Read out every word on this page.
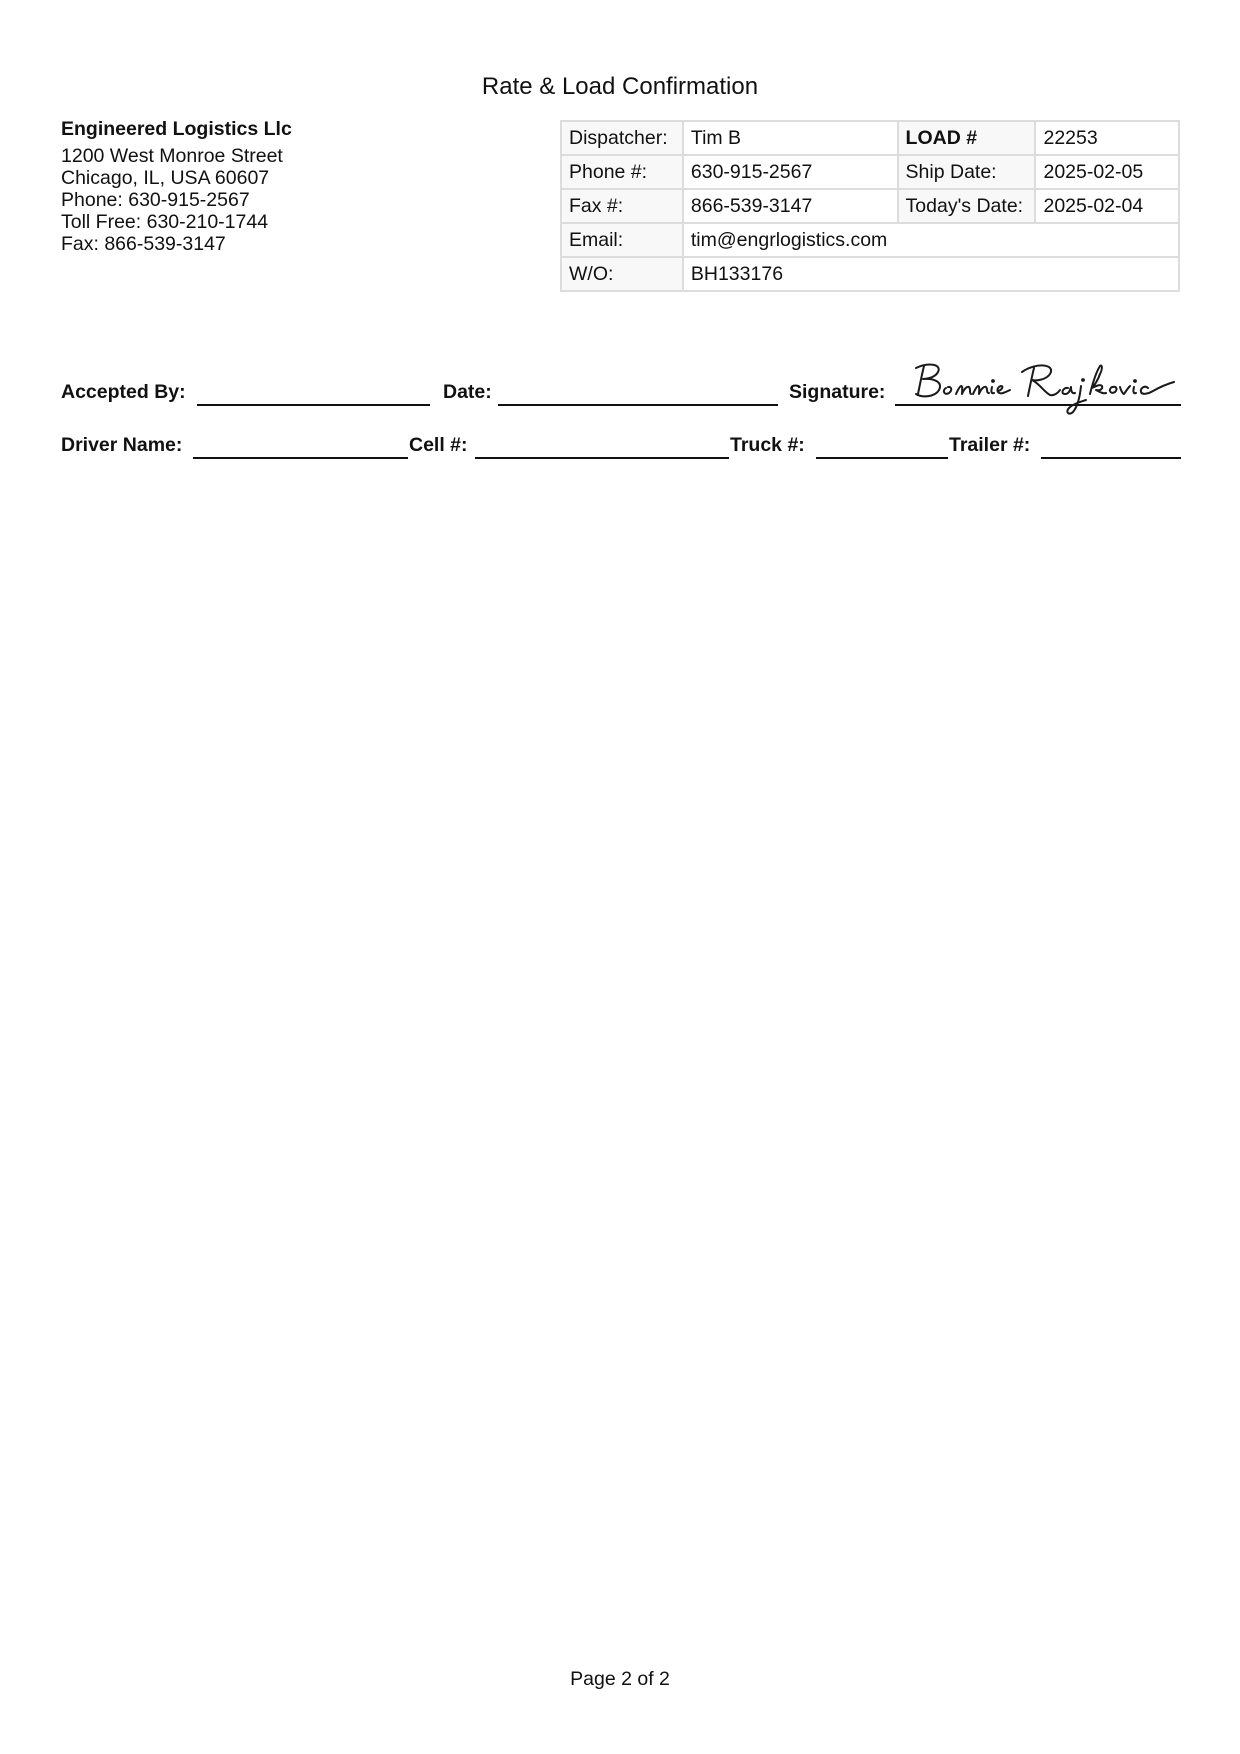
Rate & Load Confirmation
Engineered Logistics Llc
1200 West Monroe Street
Chicago, IL, USA 60607
Phone: 630-915-2567
Toll Free: 630-210-1744
Fax: 866-539-3147
Dispatcher:	Tim B	LOAD #	22253
Phone #:	630-915-2567	Ship Date:	2025-02-05
Fax #:	866-539-3147	Today's Date:	2025-02-04
Email:	tim@engrlogistics.com		
W/O:	BH133176		
Accepted By:	Date:	Signature:
Driver Name:	Cell #:	Truck #:	Trailer #:
Page 2 of 2
